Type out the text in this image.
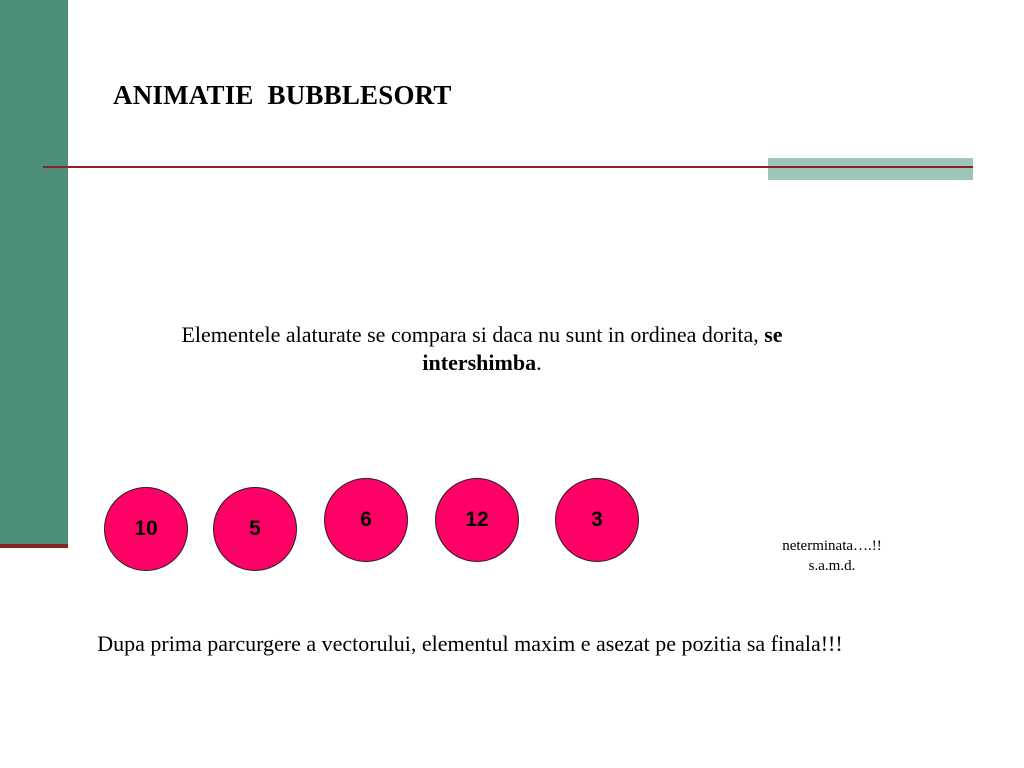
ANIMATIE  BUBBLESORT
Elementele alaturate se compara si daca nu sunt in ordinea dorita, se intershimba.
10	5	6	12	3
neterminata….!!
s.a.m.d.
Dupa prima parcurgere a vectorului, elementul maxim e asezat pe pozitia sa finala!!!
